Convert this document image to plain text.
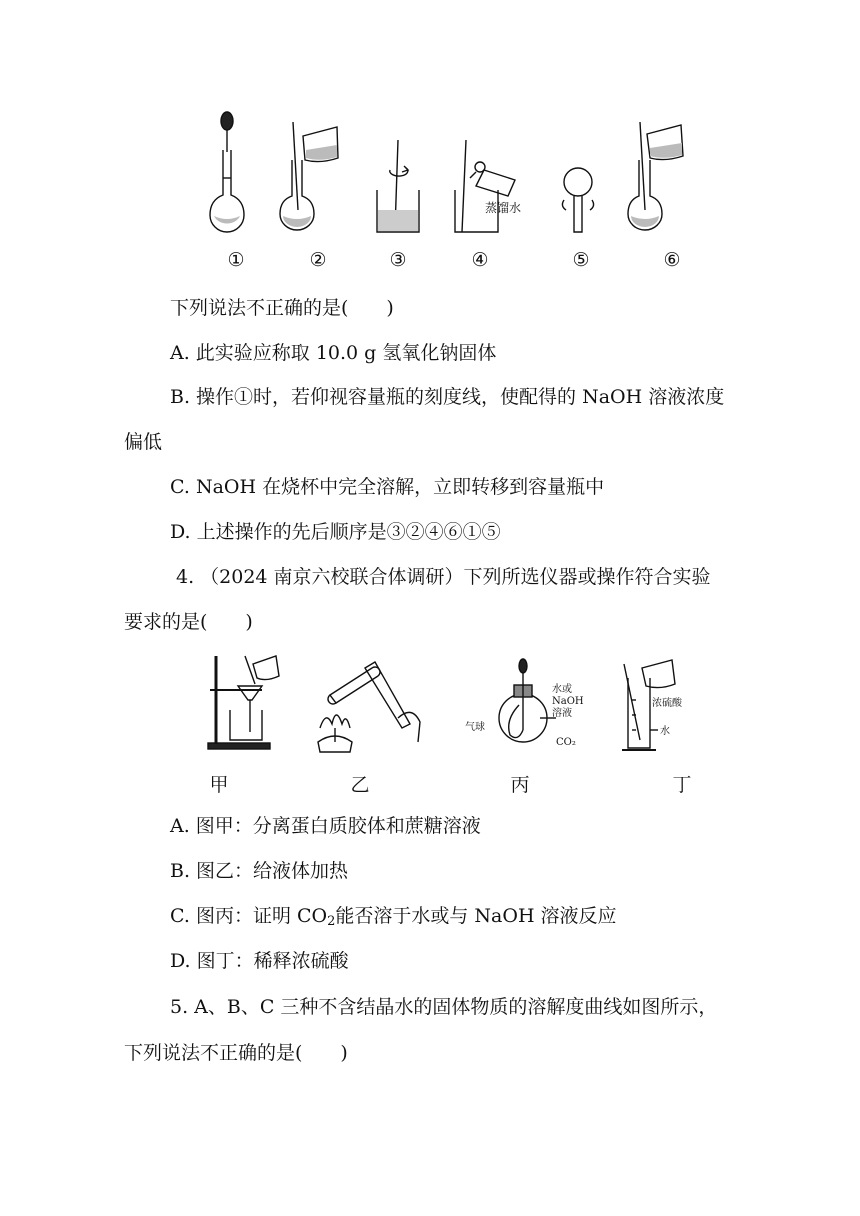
蒸馏水
①	②	③	④	⑤	⑥
下列说法不正确的是(　　)
A. 此实验应称取 10.0 g 氢氧化钠固体
B. 操作①时，若仰视容量瓶的刻度线，使配得的 NaOH 溶液浓度
偏低
C. NaOH 在烧杯中完全溶解，立即转移到容量瓶中
D. 上述操作的先后顺序是③②④⑥①⑤
4. （2024 南京六校联合体调研）下列所选仪器或操作符合实验
要求的是(　　)
水或
NaOH
溶液
气球
CO₂
浓硫酸
水
甲	乙	丙	丁
A. 图甲：分离蛋白质胶体和蔗糖溶液
B. 图乙：给液体加热
C. 图丙：证明 $CO_2$能否溶于水或与 NaOH 溶液反应
D. 图丁：稀释浓硫酸
5. A、B、C 三种不含结晶水的固体物质的溶解度曲线如图所示，
下列说法不正确的是(　　)
